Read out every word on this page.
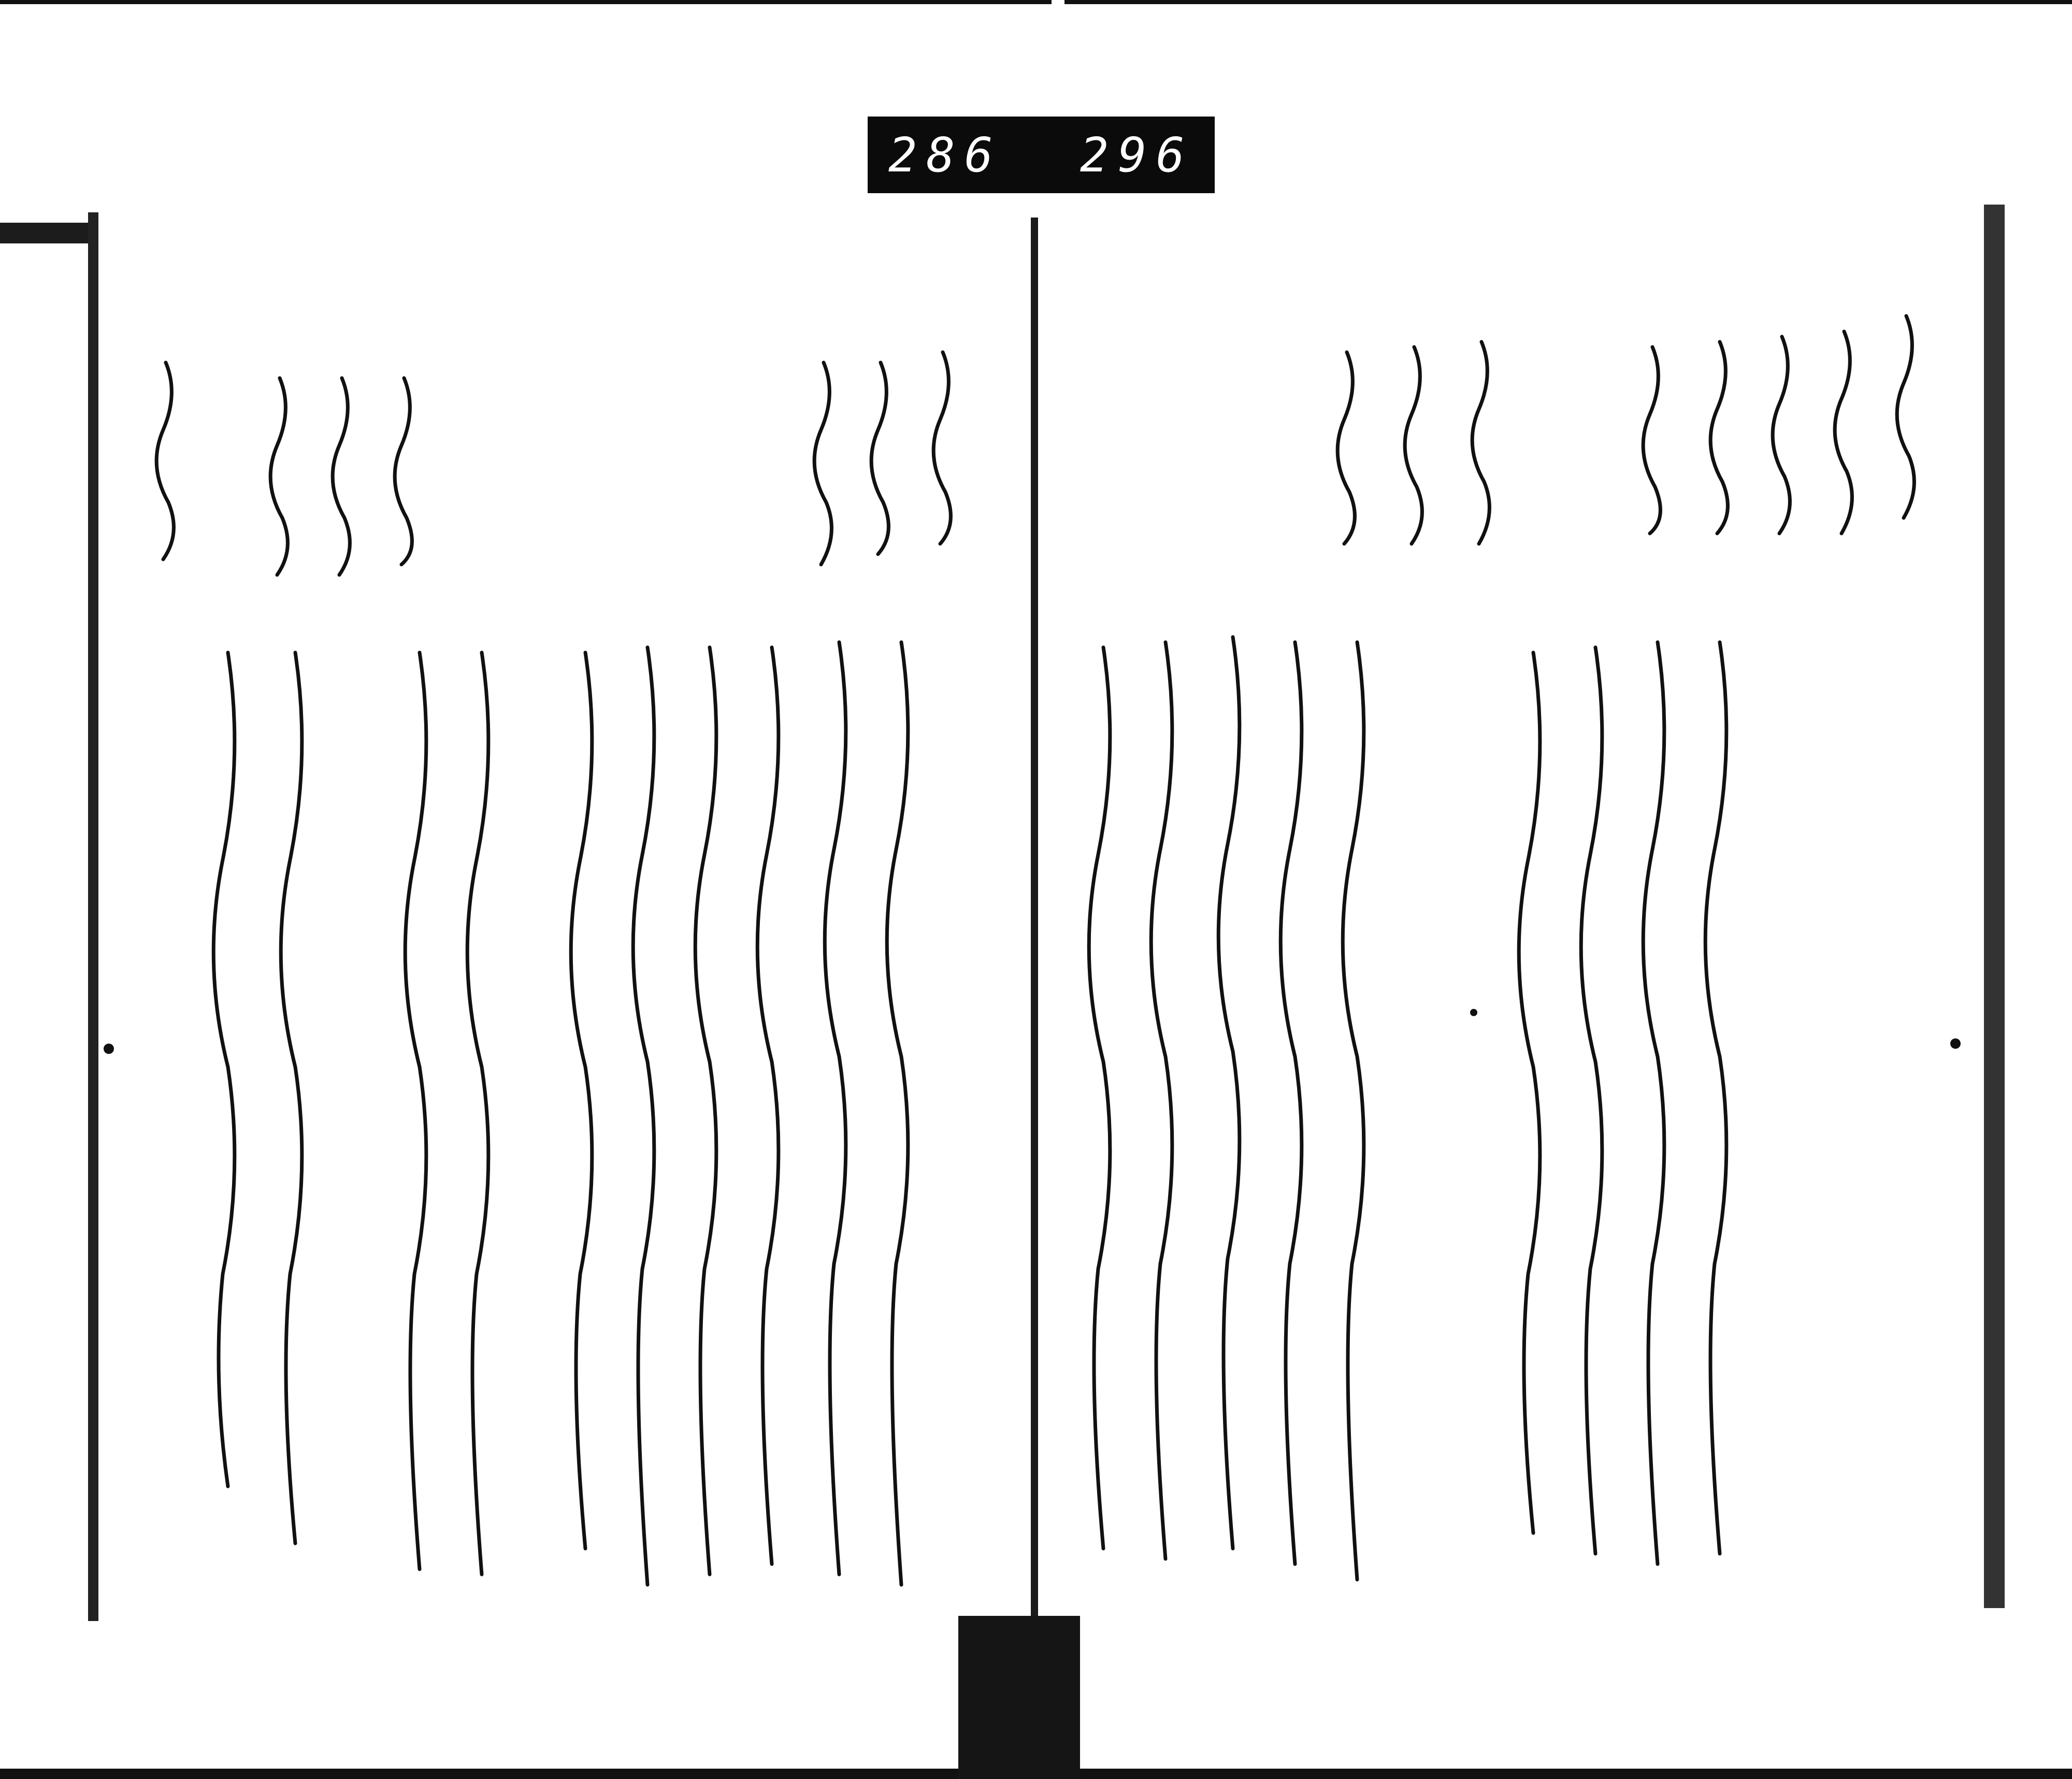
286 296
